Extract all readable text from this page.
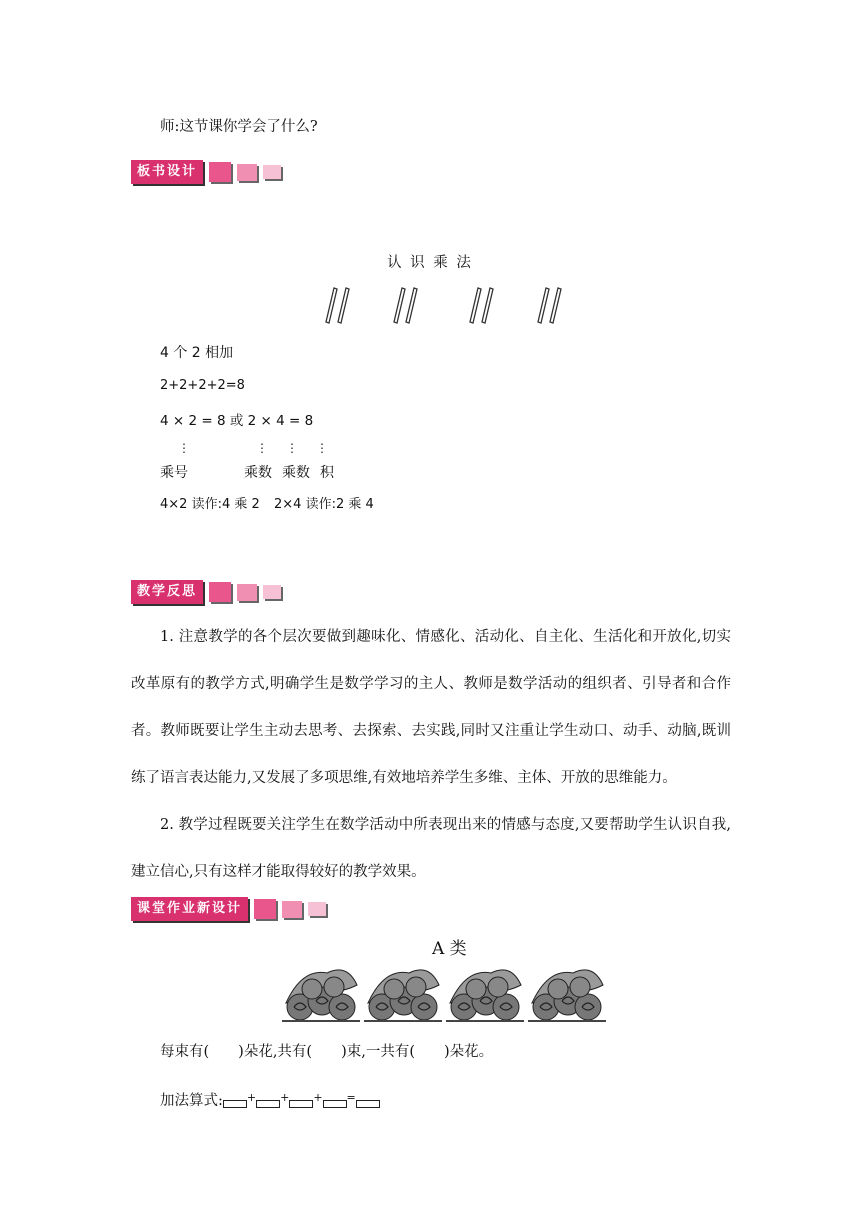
师:这节课你学会了什么?
板书设计
认 识 乘 法
4 个 2 相加
2+2+2+2=8
4 × 2 = 8 或 2 × 4 = 8
⋮	⋮ ⋮ ⋮
乘号	乘数 乘数 积
4×2 读作:4 乘 2 2×4 读作:2 乘 4
教学反思
1. 注意教学的各个层次要做到趣味化、情感化、活动化、自主化、生活化和开放化,切实改革原有的教学方式,明确学生是数学学习的主人、教师是数学活动的组织者、引导者和合作者。教师既要让学生主动去思考、去探索、去实践,同时又注重让学生动口、动手、动脑,既训练了语言表达能力,又发展了多项思维,有效地培养学生多维、主体、开放的思维能力。
2. 教学过程既要关注学生在数学活动中所表现出来的情感与态度,又要帮助学生认识自我,建立信心,只有这样才能取得较好的教学效果。
课堂作业新设计
A 类
每束有(　　)朵花,共有(　　)束,一共有(　　)朵花。
加法算式: + + + =
